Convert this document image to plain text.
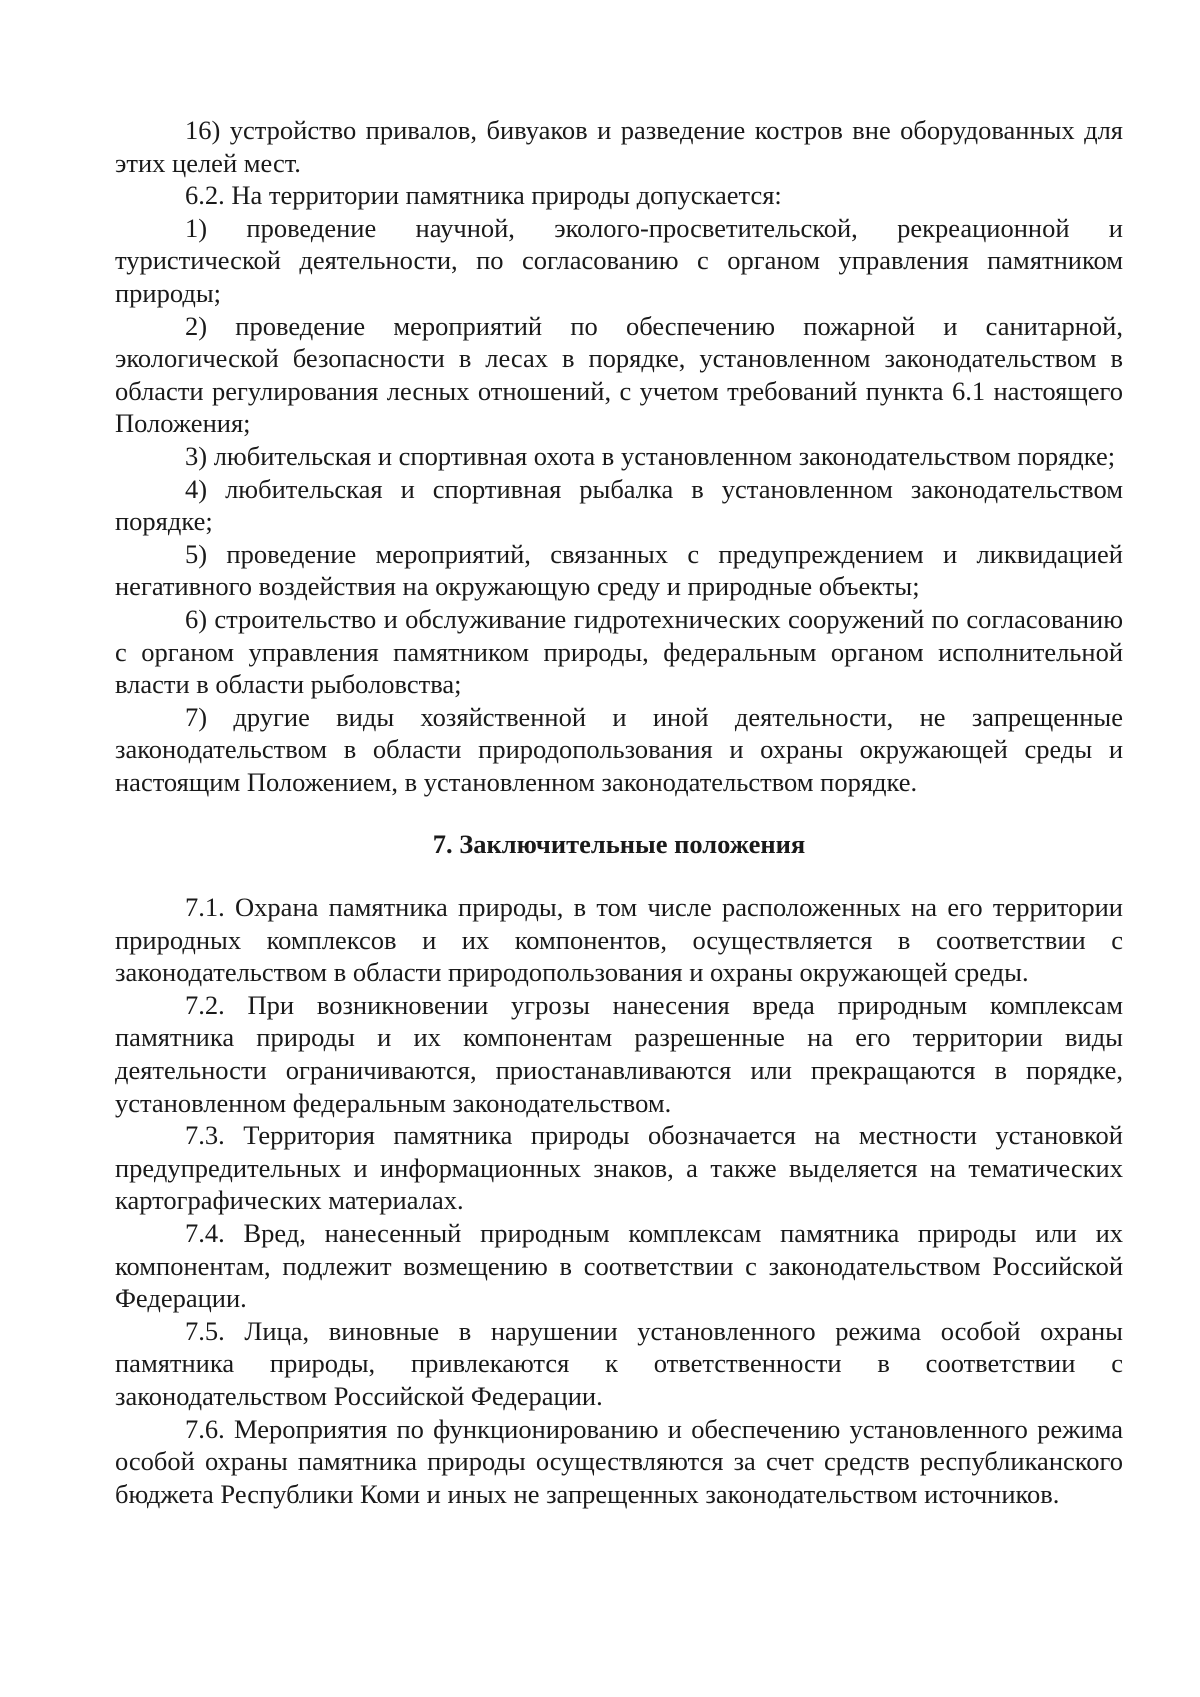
16) устройство привалов, бивуаков и разведение костров вне оборудованных для этих целей мест.

6.2. На территории памятника природы допускается:

1) проведение научной, эколого-просветительской, рекреационной и туристической деятельности, по согласованию с органом управления памятником природы;

2) проведение мероприятий по обеспечению пожарной и санитарной, экологической безопасности в лесах в порядке, установленном законодательством в области регулирования лесных отношений, с учетом требований пункта 6.1 настоящего Положения;

3) любительская и спортивная охота в установленном законодательством порядке;

4) любительская и спортивная рыбалка в установленном законодательством порядке;

5) проведение мероприятий, связанных с предупреждением и ликвидацией негативного воздействия на окружающую среду и природные объекты;

6) строительство и обслуживание гидротехнических сооружений по согласованию с органом управления памятником природы, федеральным органом исполнительной власти в области рыболовства;

7) другие виды хозяйственной и иной деятельности, не запрещенные законодательством в области природопользования и охраны окружающей среды и настоящим Положением, в установленном законодательством порядке.

7. Заключительные положения

7.1. Охрана памятника природы, в том числе расположенных на его территории природных комплексов и их компонентов, осуществляется в соответствии с законодательством в области природопользования и охраны окружающей среды.

7.2. При возникновении угрозы нанесения вреда природным комплексам памятника природы и их компонентам разрешенные на его территории виды деятельности ограничиваются, приостанавливаются или прекращаются в порядке, установленном федеральным законодательством.

7.3. Территория памятника природы обозначается на местности установкой предупредительных и информационных знаков, а также выделяется на тематических картографических материалах.

7.4. Вред, нанесенный природным комплексам памятника природы или их компонентам, подлежит возмещению в соответствии с законодательством Российской Федерации.

7.5. Лица, виновные в нарушении установленного режима особой охраны памятника природы, привлекаются к ответственности в соответствии с законодательством Российской Федерации.

7.6. Мероприятия по функционированию и обеспечению установленного режима особой охраны памятника природы осуществляются за счет средств республиканского бюджета Республики Коми и иных не запрещенных законодательством источников.
